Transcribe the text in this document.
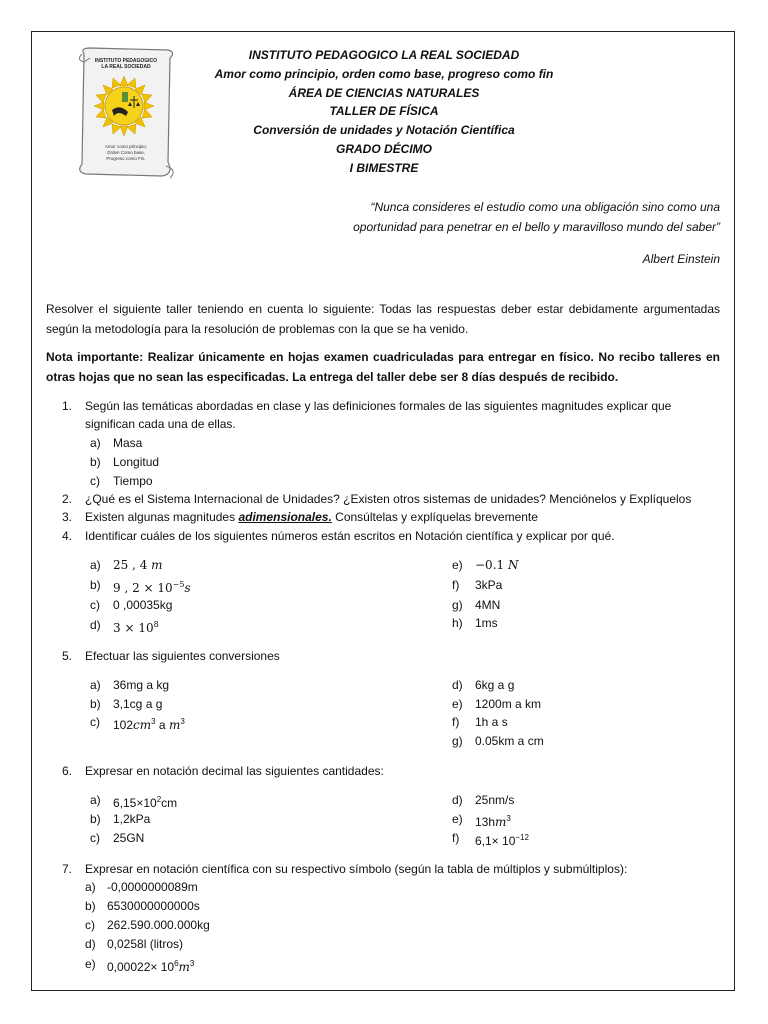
INSTITUTO PEDAGOGICO
LA REAL SOCIEDAD
Amor como principio,
Orden Como base,
Progreso como Fin.
INSTITUTO PEDAGOGICO LA REAL SOCIEDAD
Amor como principio, orden como base, progreso como fin
ÁREA DE CIENCIAS NATURALES
TALLER DE FÍSICA
Conversión de unidades y Notación Científica
GRADO DÉCIMO
I BIMESTRE
“Nunca consideres el estudio como una obligación sino como una
oportunidad para penetrar en el bello y maravilloso mundo del saber”
Albert Einstein
Resolver el siguiente taller teniendo en cuenta lo siguiente: Todas las respuestas deber estar debidamente argumentadas según la metodología para la resolución de problemas con la que se ha venido.
Nota importante: Realizar únicamente en hojas examen cuadriculadas para entregar en físico. No recibo talleres en otras hojas que no sean las especificadas. La entrega del taller debe ser 8 días después de recibido.
1. Según las temáticas abordadas en clase y las definiciones formales de las siguientes magnitudes explicar que
significan cada una de ellas.
a) Masa
b) Longitud
c) Tiempo
2. ¿Qué es el Sistema Internacional de Unidades? ¿Existen otros sistemas de unidades? Menciónelos y Explíquelos
3. Existen algunas magnitudes adimensionales. Consúltelas y explíquelas brevemente
4. Identificar cuáles de los siguientes números están escritos en Notación científica y explicar por qué.
a) 25 , 4 m
b) 9 , $2 \times 10^{-5}s$
c) 0 ,00035kg
d) $3 \times 10^8$
e) −0.1 N
f) 3kPa
g) 4MN
h) 1ms
5. Efectuar las siguientes conversiones
a) 36mg a kg
b) 3,1cg a g
c) $102cm^3$ a $m^3$
d) 6kg a g
e) 1200m a km
f) 1h a s
g) 0.05km a cm
6. Expresar en notación decimal las siguientes cantidades:
a) $6,15\times 10^2cm$
b) 1,2kPa
c) 25GN
d) 25nm/s
e) $13hm^3$
f) $6,1\times 10^{-12}$
7. Expresar en notación científica con su respectivo símbolo (según la tabla de múltiplos y submúltiplos):
a) -0,0000000089m
b) 6530000000000s
c) 262.590.000.000kg
d) 0,0258l (litros)
e) $0,00022\times 10^6m^3$
